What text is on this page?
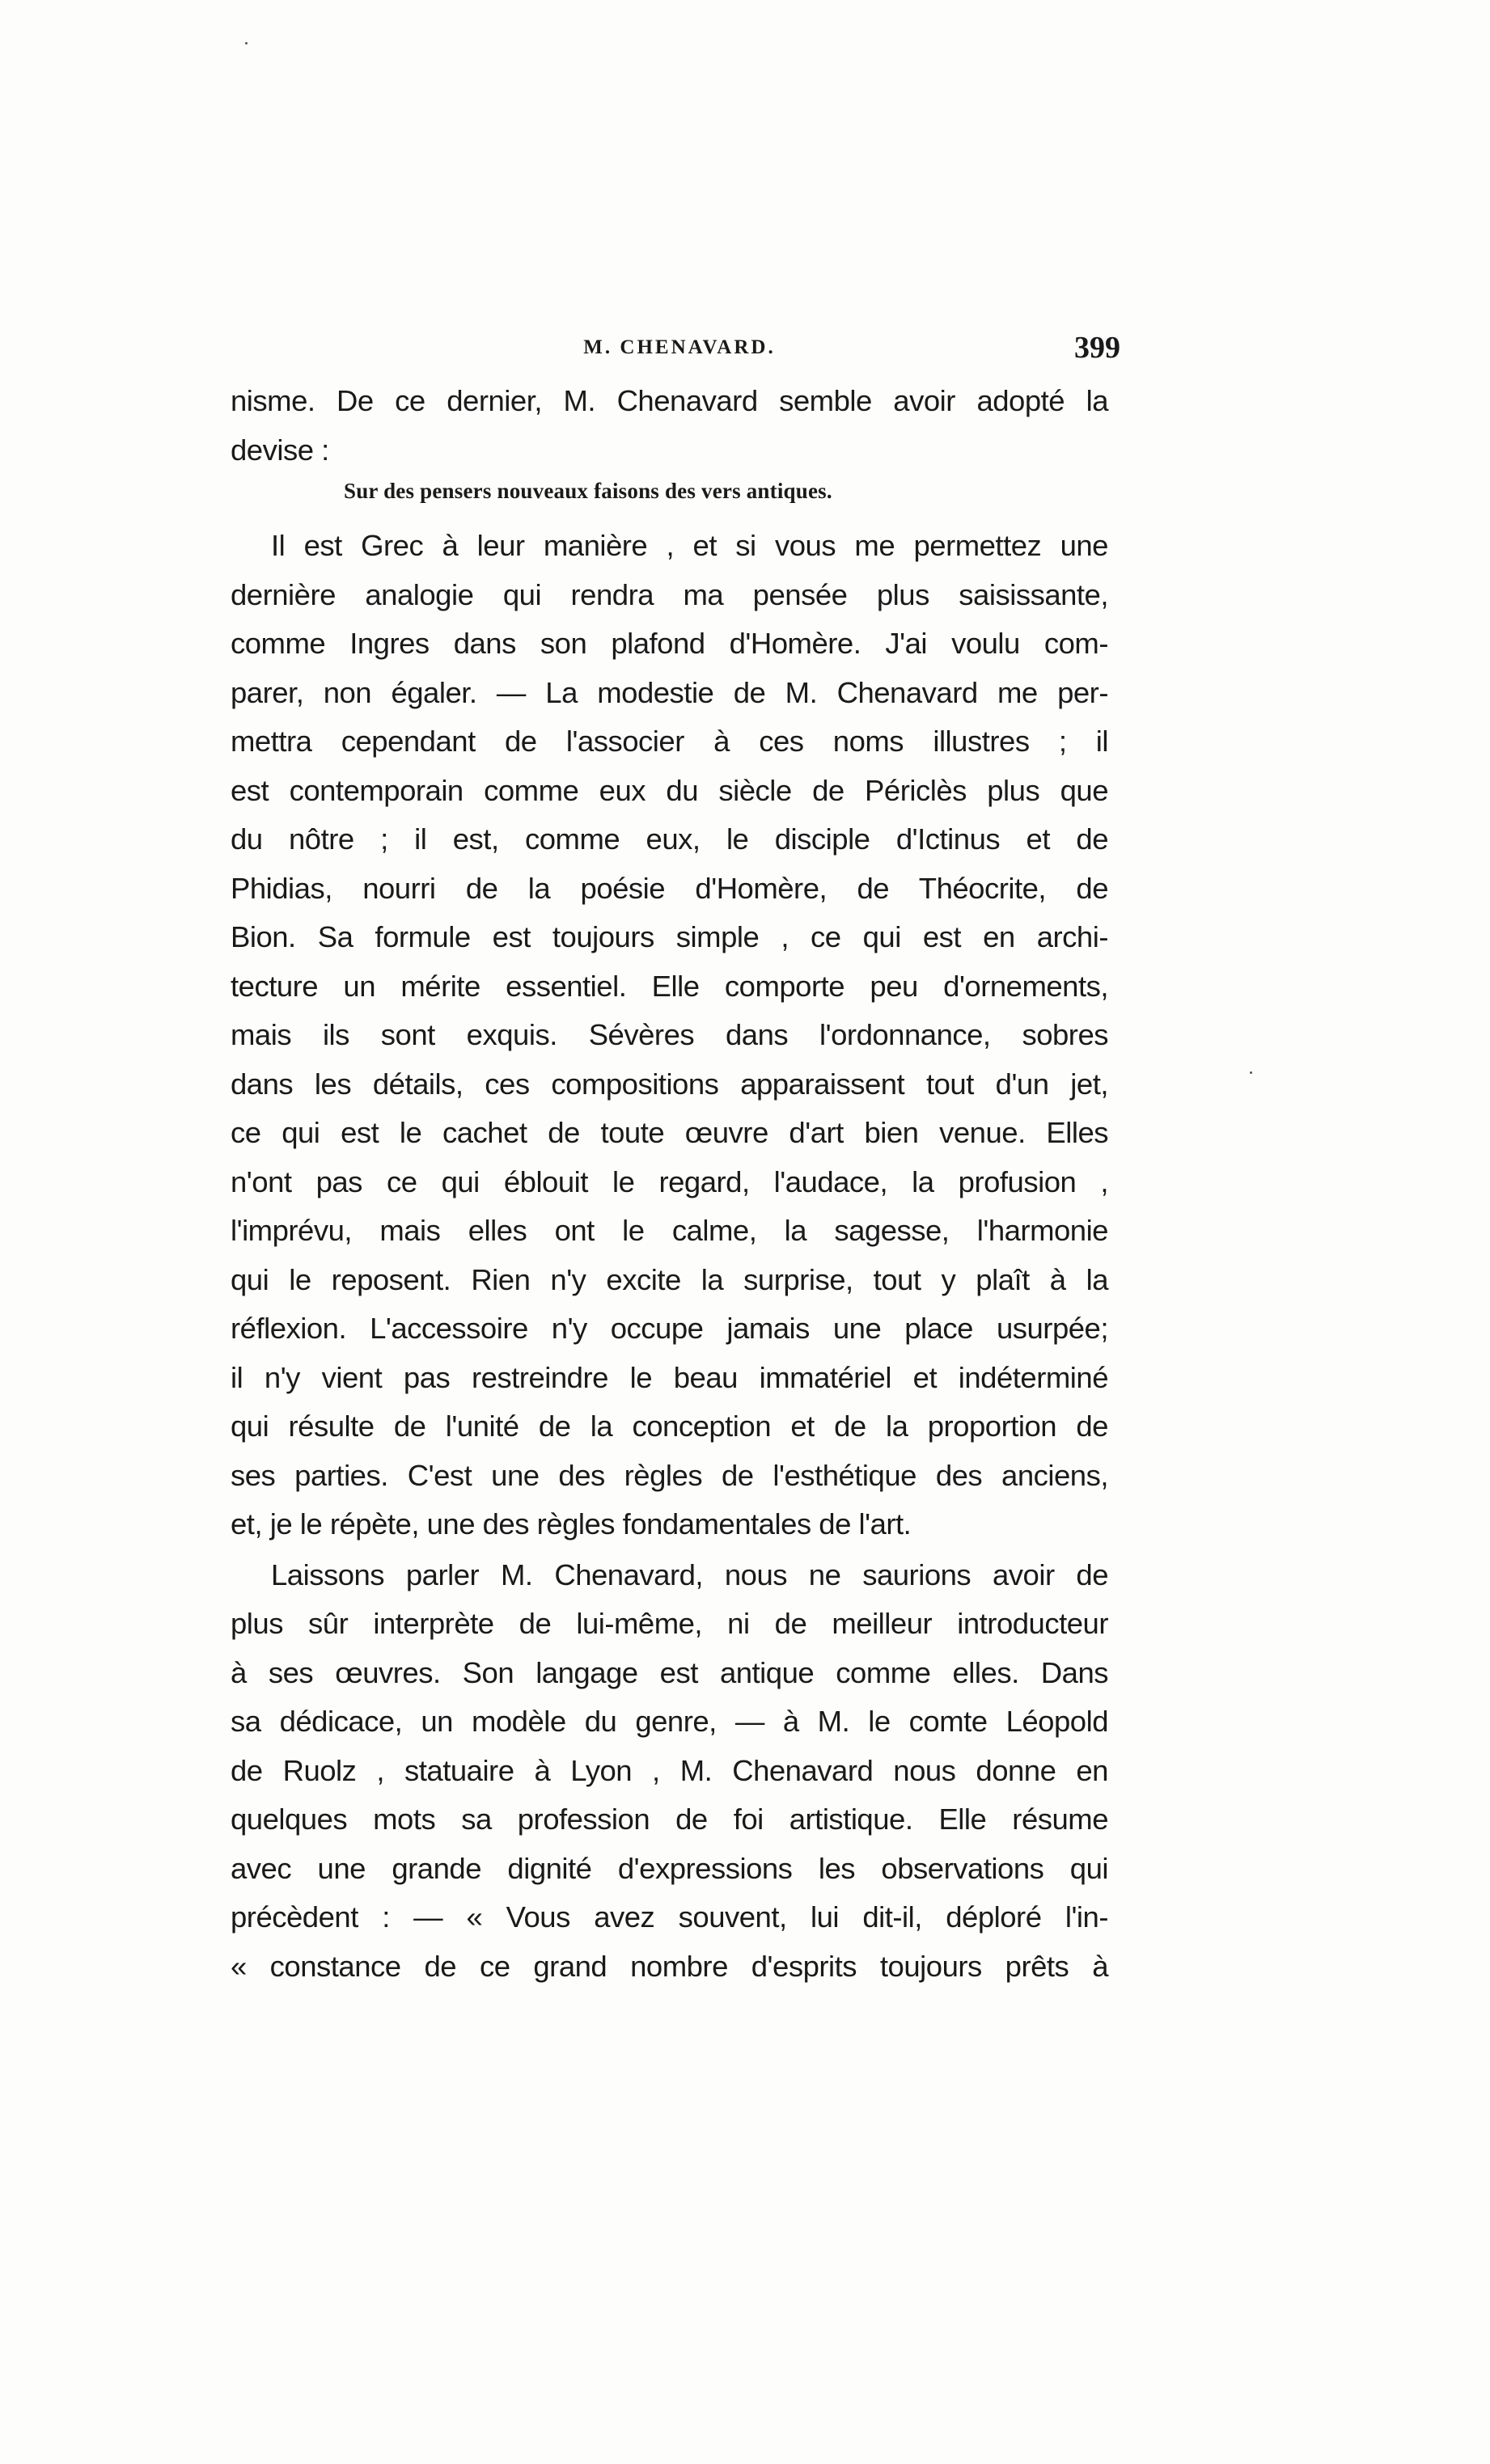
M. CHENAVARD.	399
nisme. De ce dernier, M. Chenavard semble avoir adopté la
devise :
Sur des pensers nouveaux faisons des vers antiques.
Il est Grec à leur manière , et si vous me permettez une
dernière analogie qui rendra ma pensée plus saisissante,
comme Ingres dans son plafond d'Homère. J'ai voulu com-
parer, non égaler. — La modestie de M. Chenavard me per-
mettra cependant de l'associer à ces noms illustres ; il
est contemporain comme eux du siècle de Périclès plus que
du nôtre ; il est, comme eux, le disciple d'Ictinus et de
Phidias, nourri de la poésie d'Homère, de Théocrite, de
Bion. Sa formule est toujours simple , ce qui est en archi-
tecture un mérite essentiel. Elle comporte peu d'ornements,
mais ils sont exquis. Sévères dans l'ordonnance, sobres
dans les détails, ces compositions apparaissent tout d'un jet,
ce qui est le cachet de toute œuvre d'art bien venue. Elles
n'ont pas ce qui éblouit le regard, l'audace, la profusion ,
l'imprévu, mais elles ont le calme, la sagesse, l'harmonie
qui le reposent. Rien n'y excite la surprise, tout y plaît à la
réflexion. L'accessoire n'y occupe jamais une place usurpée;
il n'y vient pas restreindre le beau immatériel et indéterminé
qui résulte de l'unité de la conception et de la proportion de
ses parties. C'est une des règles de l'esthétique des anciens,
et, je le répète, une des règles fondamentales de l'art.
Laissons parler M. Chenavard, nous ne saurions avoir de
plus sûr interprète de lui-même, ni de meilleur introducteur
à ses œuvres. Son langage est antique comme elles. Dans
sa dédicace, un modèle du genre, — à M. le comte Léopold
de Ruolz , statuaire à Lyon , M. Chenavard nous donne en
quelques mots sa profession de foi artistique. Elle résume
avec une grande dignité d'expressions les observations qui
précèdent : — « Vous avez souvent, lui dit-il, déploré l'in-
« constance de ce grand nombre d'esprits toujours prêts à
